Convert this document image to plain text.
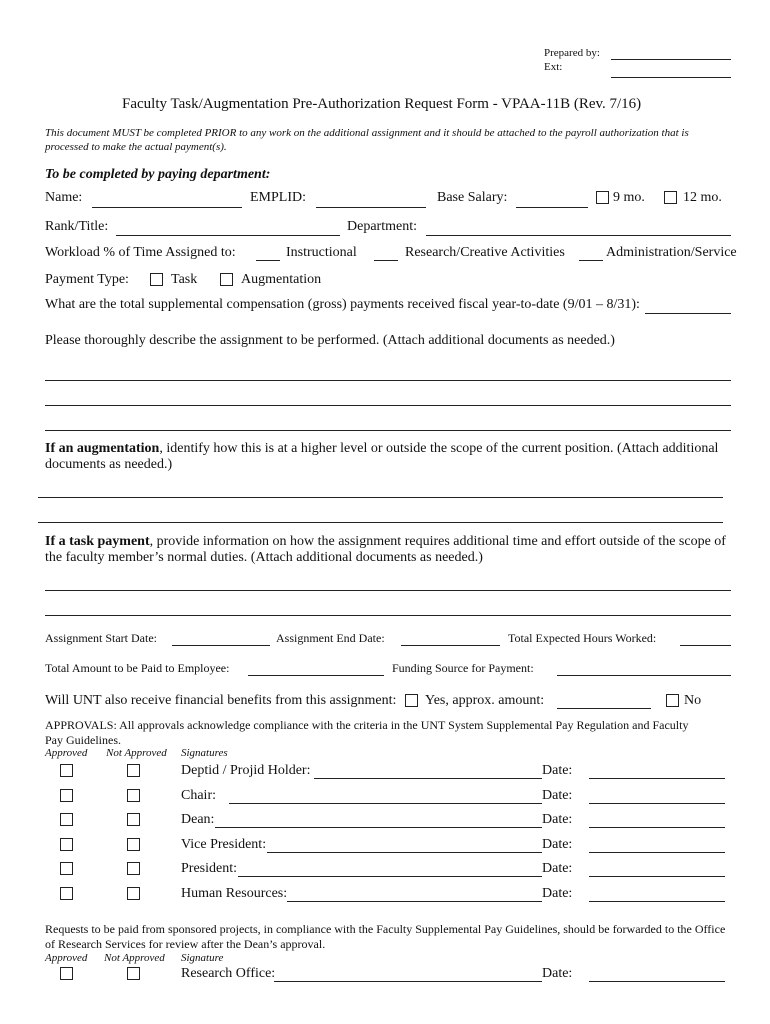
Prepared by:
Ext:
Faculty Task/Augmentation Pre-Authorization Request Form - VPAA-11B (Rev. 7/16)
This document MUST be completed PRIOR to any work on the additional assignment and it should be attached to the payroll authorization that is processed to make the actual payment(s).
To be completed by paying department:
Name:	EMPLID:	Base Salary:	9 mo.	12 mo.
Rank/Title:	Department:
Workload % of Time Assigned to:	Instructional	Research/Creative Activities	Administration/Service
Payment Type:	Task	Augmentation
What are the total supplemental compensation (gross) payments received fiscal year-to-date (9/01 – 8/31):
Please thoroughly describe the assignment to be performed. (Attach additional documents as needed.)
If an augmentation, identify how this is at a higher level or outside the scope of the current position. (Attach additional documents as needed.)
If a task payment, provide information on how the assignment requires additional time and effort outside of the scope of the faculty member’s normal duties. (Attach additional documents as needed.)
Assignment Start Date:	Assignment End Date:	Total Expected Hours Worked:
Total Amount to be Paid to Employee:	Funding Source for Payment:
Will UNT also receive financial benefits from this assignment: Yes, approx. amount:	No
APPROVALS: All approvals acknowledge compliance with the criteria in the UNT System Supplemental Pay Regulation and Faculty Pay Guidelines.
Approved Not Approved Signatures
Deptid / Projid Holder:	Date:
Chair:	Date:
Dean:	Date:
Vice President:	Date:
President:	Date:
Human Resources:	Date:
Requests to be paid from sponsored projects, in compliance with the Faculty Supplemental Pay Guidelines, should be forwarded to the Office of Research Services for review after the Dean’s approval.
Approved Not Approved Signature
Research Office:	Date:
